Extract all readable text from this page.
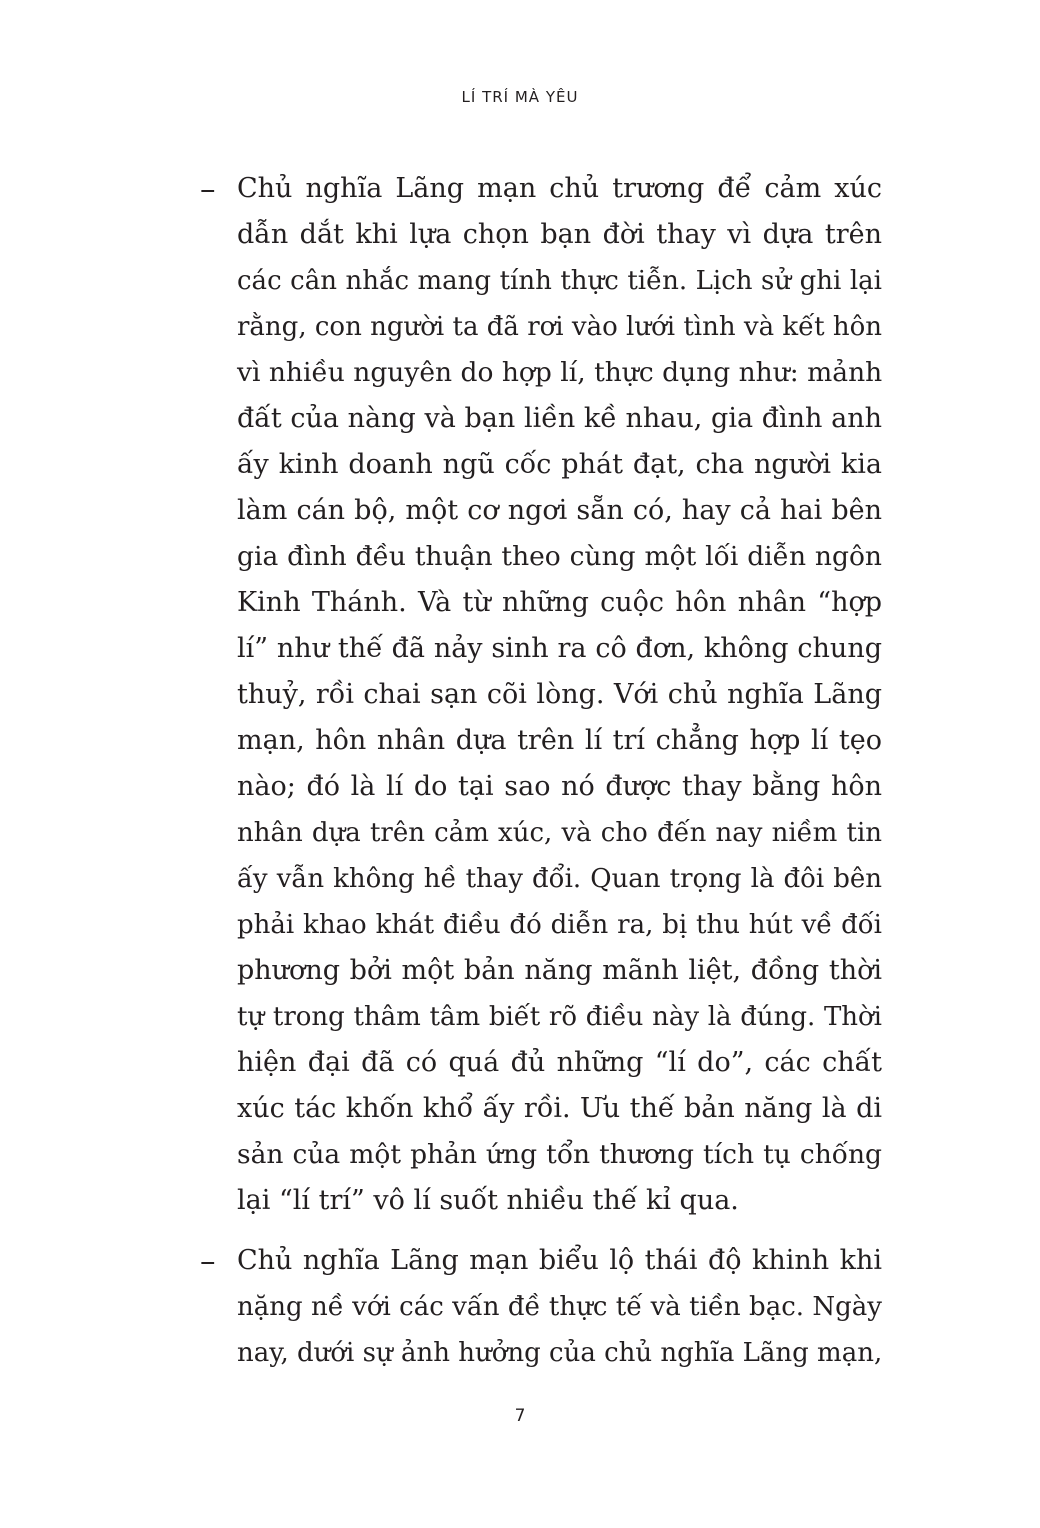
LÍ TRÍ MÀ YÊU
– Chủ nghĩa Lãng mạn chủ trương để cảm xúc
dẫn dắt khi lựa chọn bạn đời thay vì dựa trên
các cân nhắc mang tính thực tiễn. Lịch sử ghi lại
rằng, con người ta đã rơi vào lưới tình và kết hôn
vì nhiều nguyên do hợp lí, thực dụng như: mảnh
đất của nàng và bạn liền kề nhau, gia đình anh
ấy kinh doanh ngũ cốc phát đạt, cha người kia
làm cán bộ, một cơ ngơi sẵn có, hay cả hai bên
gia đình đều thuận theo cùng một lối diễn ngôn
Kinh Thánh. Và từ những cuộc hôn nhân “hợp
lí” như thế đã nảy sinh ra cô đơn, không chung
thuỷ, rồi chai sạn cõi lòng. Với chủ nghĩa Lãng
mạn, hôn nhân dựa trên lí trí chẳng hợp lí tẹo
nào; đó là lí do tại sao nó được thay bằng hôn
nhân dựa trên cảm xúc, và cho đến nay niềm tin
ấy vẫn không hề thay đổi. Quan trọng là đôi bên
phải khao khát điều đó diễn ra, bị thu hút về đối
phương bởi một bản năng mãnh liệt, đồng thời
tự trong thâm tâm biết rõ điều này là đúng. Thời
hiện đại đã có quá đủ những “lí do”, các chất
xúc tác khốn khổ ấy rồi. Ưu thế bản năng là di
sản của một phản ứng tổn thương tích tụ chống
lại “lí trí” vô lí suốt nhiều thế kỉ qua.
– Chủ nghĩa Lãng mạn biểu lộ thái độ khinh khi
nặng nề với các vấn đề thực tế và tiền bạc. Ngày
nay, dưới sự ảnh hưởng của chủ nghĩa Lãng mạn,
7
